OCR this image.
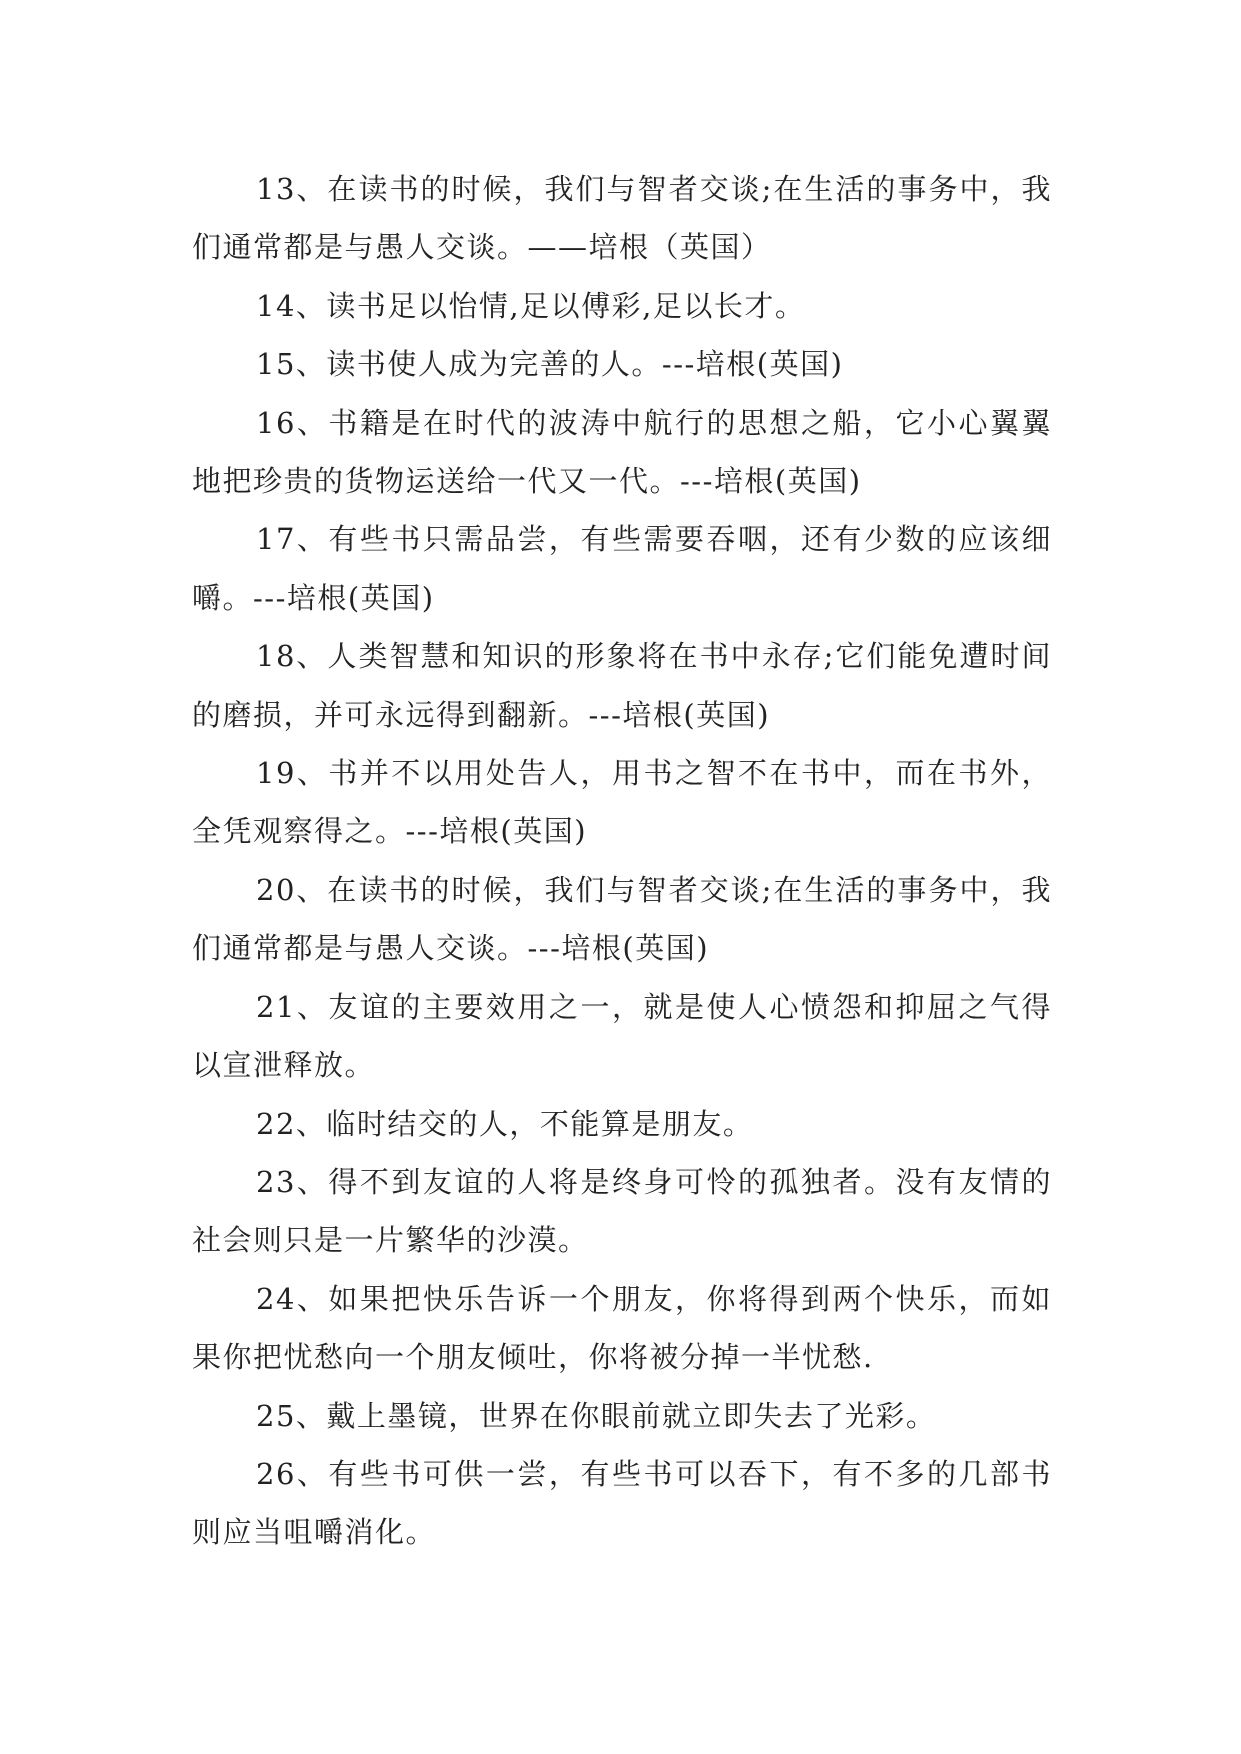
13、在读书的时候，我们与智者交谈;在生活的事务中，我们通常都是与愚人交谈。——培根（英国）

14、读书足以怡情,足以傅彩,足以长才。

15、读书使人成为完善的人。---培根(英国)

16、书籍是在时代的波涛中航行的思想之船，它小心翼翼地把珍贵的货物运送给一代又一代。---培根(英国)

17、有些书只需品尝，有些需要吞咽，还有少数的应该细嚼。---培根(英国)

18、人类智慧和知识的形象将在书中永存;它们能免遭时间的磨损，并可永远得到翻新。---培根(英国)

19、书并不以用处告人，用书之智不在书中，而在书外，全凭观察得之。---培根(英国)

20、在读书的时候，我们与智者交谈;在生活的事务中，我们通常都是与愚人交谈。---培根(英国)

21、友谊的主要效用之一，就是使人心愤怨和抑屈之气得以宣泄释放。

22、临时结交的人，不能算是朋友。

23、得不到友谊的人将是终身可怜的孤独者。没有友情的社会则只是一片繁华的沙漠。

24、如果把快乐告诉一个朋友，你将得到两个快乐，而如果你把忧愁向一个朋友倾吐，你将被分掉一半忧愁.

25、戴上墨镜，世界在你眼前就立即失去了光彩。

26、有些书可供一尝，有些书可以吞下，有不多的几部书则应当咀嚼消化。
